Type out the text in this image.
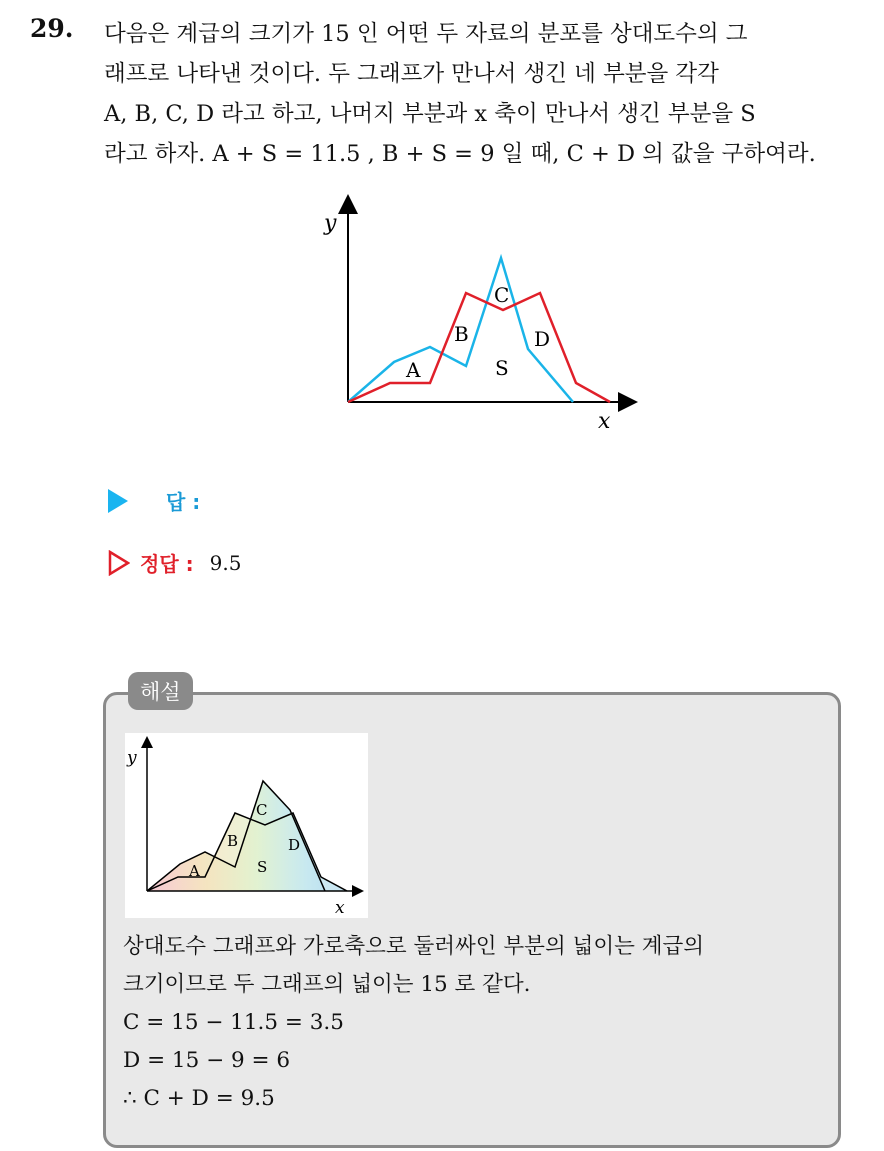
29. 다음은 계급의 크기가 15 인 어떤 두 자료의 분포를 상대도수의 그

래프로 나타낸 것이다. 두 그래프가 만나서 생긴 네 부분을 각각

A, B, C, D 라고 하고, 나머지 부분과 x 축이 만나서 생긴 부분을 S

라고 하자. A + S = 11.5 , B + S = 9 일 때, C + D 의 값을 구하여라.

y
x
A
B
C
D
S
답 :
정답 : 9.5
해설
y
x
A
B
C
D
S

상대도수 그래프와 가로축으로 둘러싸인 부분의 넓이는 계급의

크기이므로 두 그래프의 넓이는 15 로 같다.

C = 15 − 11.5 = 3.5

D = 15 − 9 = 6

∴ C + D = 9.5
